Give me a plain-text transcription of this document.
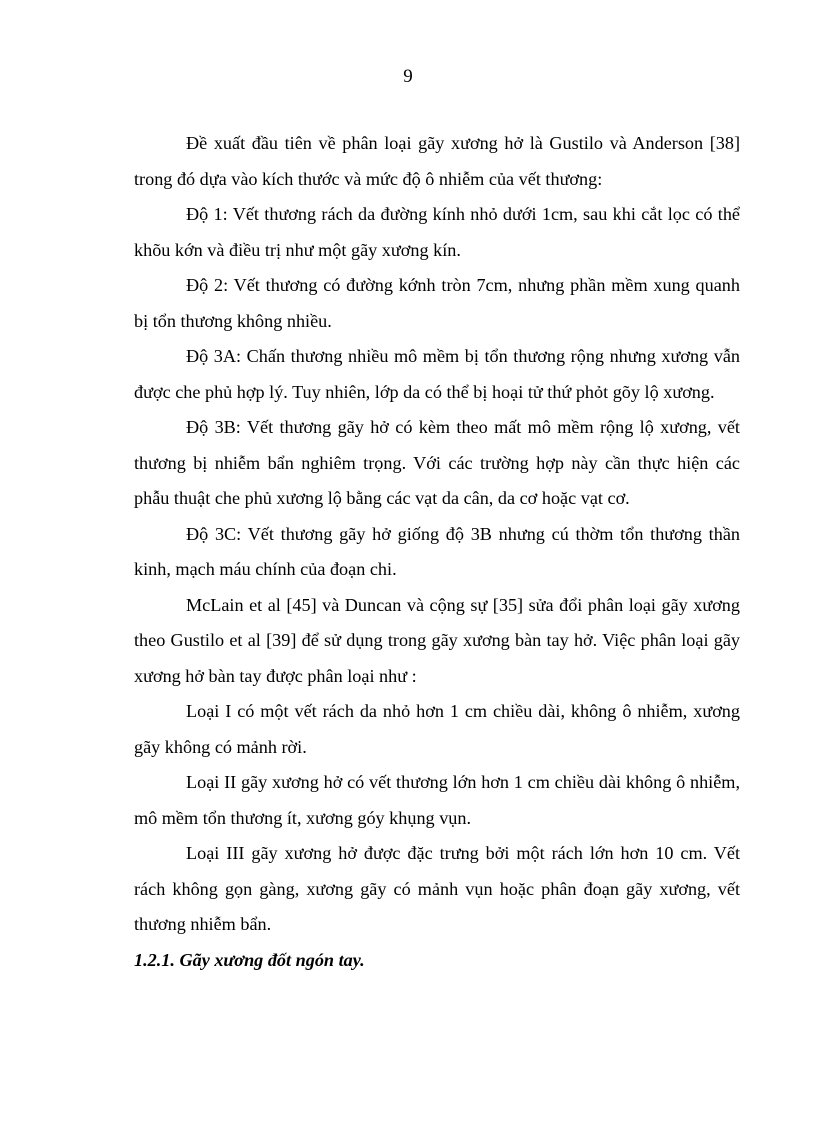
9

Đề xuất đầu tiên về phân loại gãy xương hở là Gustilo và Anderson [38] trong đó dựa vào kích thước và mức độ ô nhiễm của vết thương:

Độ 1: Vết thương rách da đường kính nhỏ dưới 1cm, sau khi cắt lọc có thể khõu kớn và điều trị như một gãy xương kín.

Độ 2: Vết thương có đường kớnh tròn 7cm, nhưng phần mềm xung quanh bị tổn thương không nhiều.

Độ 3A: Chấn thương nhiều mô mềm bị tổn thương rộng nhưng xương vẫn được che phủ hợp lý. Tuy nhiên, lớp da có thể bị hoại tử thứ phỏt gõy lộ xương.

Độ 3B: Vết thương gãy hở có kèm theo mất mô mềm rộng lộ xương, vết thương bị nhiễm bẩn nghiêm trọng. Với các trường hợp này cần thực hiện các phẫu thuật che phủ xương lộ bằng các vạt da cân, da cơ hoặc vạt cơ.

Độ 3C: Vết thương gãy hở giống độ 3B nhưng cú thờm tổn thương thần kinh, mạch máu chính của đoạn chi.

McLain et al [45] và Duncan và cộng sự [35] sửa đổi phân loại gãy xương theo Gustilo et al [39] để sử dụng trong gãy xương bàn tay hở. Việc phân loại gãy xương hở bàn tay được phân loại như :

Loại I có một vết rách da nhỏ hơn 1 cm chiều dài, không ô nhiễm, xương gãy không có mảnh rời.

Loại II gãy xương hở có vết thương lớn hơn 1 cm chiều dài không ô nhiễm, mô mềm tổn thương ít, xương góy khụng vụn.

Loại III gãy xương hở được đặc trưng bởi một rách lớn hơn 10 cm. Vết rách không gọn gàng, xương gãy có mảnh vụn hoặc phân đoạn gãy xương, vết thương nhiễm bẩn.

1.2.1. Gãy xương đốt ngón tay.
